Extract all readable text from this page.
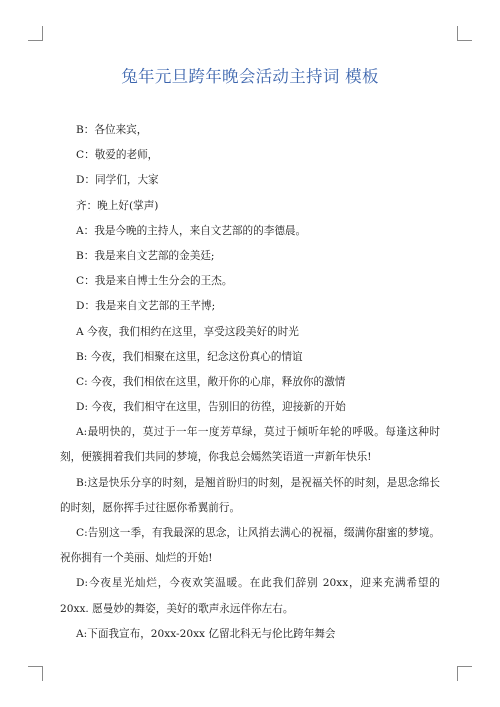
兔年元旦跨年晚会活动主持词 模板
B：各位来宾，
C：敬爱的老师，
D：同学们，大家
齐：晚上好(掌声)
A：我是今晚的主持人，来自文艺部的的李德晨。
B：我是来自文艺部的金美廷;
C：我是来自博士生分会的王杰。
D：我是来自文艺部的王芊博;
A 今夜，我们相约在这里，享受这段美好的时光
B: 今夜，我们相聚在这里，纪念这份真心的情谊
C: 今夜，我们相依在这里，敞开你的心扉，释放你的激情
D: 今夜，我们相守在这里，告别旧的彷徨，迎接新的开始
A:最明快的，莫过于一年一度芳草绿，莫过于倾听年轮的呼吸。每逢这种时刻，便簇拥着我们共同的梦境，你我总会嫣然笑语道一声新年快乐!
B:这是快乐分享的时刻，是翘首盼归的时刻，是祝福关怀的时刻，是思念绵长的时刻，愿你挥手过往愿你希翼前行。
C:告别这一季，有我最深的思念，让风捎去满心的祝福，缀满你甜蜜的梦境。祝你拥有一个美丽、灿烂的开始!
D:今夜星光灿烂，今夜欢笑温暖。在此我们辞别 20xx，迎来充满希望的 20xx. 愿曼妙的舞姿，美好的歌声永远伴你左右。
A:下面我宣布，20xx-20xx 亿留北科无与伦比跨年舞会
